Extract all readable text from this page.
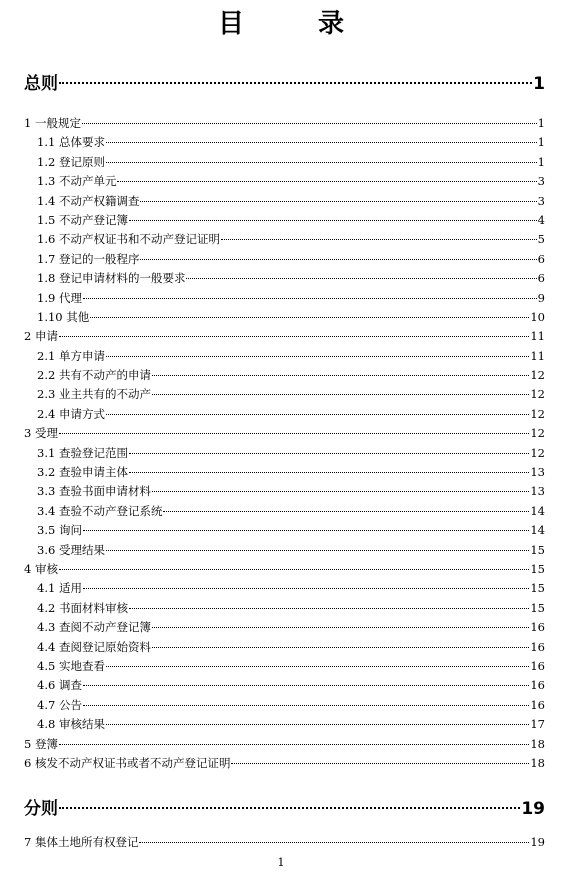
目　录
总则	1
1 一般规定	1
1.1 总体要求	1
1.2 登记原则	1
1.3 不动产单元	3
1.4 不动产权籍调查	3
1.5 不动产登记簿	4
1.6 不动产权证书和不动产登记证明	5
1.7 登记的一般程序	6
1.8 登记申请材料的一般要求	6
1.9 代理	9
1.10 其他	10
2 申请	11
2.1 单方申请	11
2.2 共有不动产的申请	12
2.3 业主共有的不动产	12
2.4 申请方式	12
3 受理	12
3.1 查验登记范围	12
3.2 查验申请主体	13
3.3 查验书面申请材料	13
3.4 查验不动产登记系统	14
3.5 询问	14
3.6 受理结果	15
4 审核	15
4.1 适用	15
4.2 书面材料审核	15
4.3 查阅不动产登记簿	16
4.4 查阅登记原始资料	16
4.5 实地查看	16
4.6 调查	16
4.7 公告	16
4.8 审核结果	17
5 登簿	18
6 核发不动产权证书或者不动产登记证明	18
分则	19
7 集体土地所有权登记	19
1
